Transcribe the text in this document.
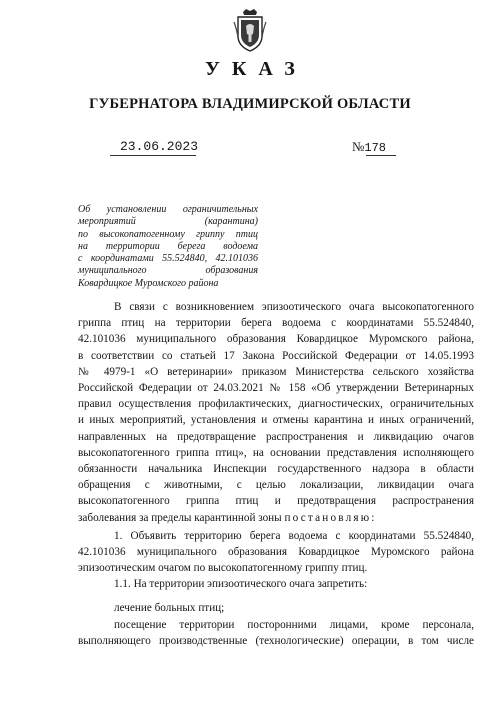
УКАЗ
ГУБЕРНАТОРА ВЛАДИМИРСКОЙ ОБЛАСТИ
23.06.2023	№178
Об установлении ограничительных
мероприятий (карантина)
по высокопатогенному гриппу птиц
на территории берега водоема
с координатами 55.524840, 42.101036
муниципального образования
Ковардицкое Муромского района
В связи с возникновением эпизоотического очага высокопатогенного
гриппа птиц на территории берега водоема с координатами 55.524840,
42.101036 муниципального образования Ковардицкое Муромского района,
в соответствии со статьей 17 Закона Российской Федерации от 14.05.1993
№ 4979-1 «О ветеринарии» приказом Министерства сельского хозяйства
Российской Федерации от 24.03.2021 № 158 «Об утверждении Ветеринарных
правил осуществления профилактических, диагностических, ограничительных
и иных мероприятий, установления и отмены карантина и иных ограничений,
направленных на предотвращение распространения и ликвидацию очагов
высокопатогенного гриппа птиц», на основании представления исполняющего
обязанности начальника Инспекции государственного надзора в области
обращения с животными, с целью локализации, ликвидации очага
высокопатогенного гриппа птиц и предотвращения распространения
заболевания за пределы карантинной зоны постановляю:
1. Объявить территорию берега водоема с координатами 55.524840,
42.101036 муниципального образования Ковардицкое Муромского района
эпизоотическим очагом по высокопатогенному гриппу птиц.
1.1. На территории эпизоотического очага запретить:
лечение больных птиц;
посещение территории посторонними лицами, кроме персонала,
выполняющего производственные (технологические) операции, в том числе
